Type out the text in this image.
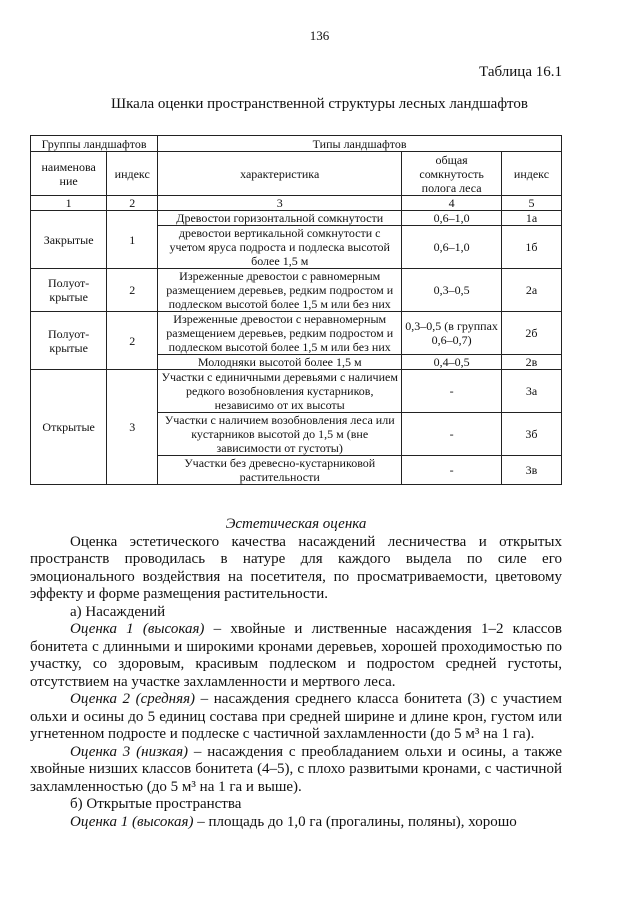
136
Таблица 16.1
Шкала оценки пространственной структуры лесных ландшафтов
Группы ландшафтов		Типы ландшафтов		
наименова ние	индекс	характеристика	общая сомкнутость полога леса	индекс
1	2	3	4	5
Закрытые	1	Древостои горизонтальной сомкнутости	0,6–1,0	1а
		древостои вертикальной сомкнутости с учетом яруса подроста и подлеска высотой более 1,5 м	0,6–1,0	1б
Полуот-крытые	2	Изреженные древостои с равномерным размещением деревьев, редким подростом и подлеском высотой более 1,5 м или без них	0,3–0,5	2а
Полуот-крытые	2	Изреженные древостои с неравномерным размещением деревьев, редким подростом и подлеском высотой более 1,5 м или без них	0,3–0,5 (в группах 0,6–0,7)	2б
		Молодняки высотой более 1,5 м	0,4–0,5	2в
Открытые	3	Участки с единичными деревьями с наличием редкого возобновления кустарников, независимо от их высоты	-	3а
		Участки с наличием возобновления леса или кустарников высотой до 1,5 м (вне зависимости от густоты)	-	3б
		Участки без древесно-кустарниковой растительности	-	3в

Эстетическая оценка

Оценка эстетического качества насаждений лесничества и открытых пространств проводилась в натуре для каждого выдела по силе его эмоционального воздействия на посетителя, по просматриваемости, цветовому эффекту и форме размещения растительности.

а) Насаждений

Оценка 1 (высокая) – хвойные и лиственные насаждения 1–2 классов бонитета с длинными и широкими кронами деревьев, хорошей проходимостью по участку, со здоровым, красивым подлеском и подростом средней густоты, отсутствием на участке захламленности и мертвого леса.

Оценка 2 (средняя) – насаждения среднего класса бонитета (3) с участием ольхи и осины до 5 единиц состава при средней ширине и длине крон, густом или угнетенном подросте и подлеске с частичной захламленности (до 5 м³ на 1 га).

Оценка 3 (низкая) – насаждения с преобладанием ольхи и осины, а также хвойные низших классов бонитета (4–5), с плохо развитыми кронами, с частичной захламленностью (до 5 м³ на 1 га и выше).

б) Открытые пространства

Оценка 1 (высокая) – площадь до 1,0 га (прогалины, поляны), хорошо
